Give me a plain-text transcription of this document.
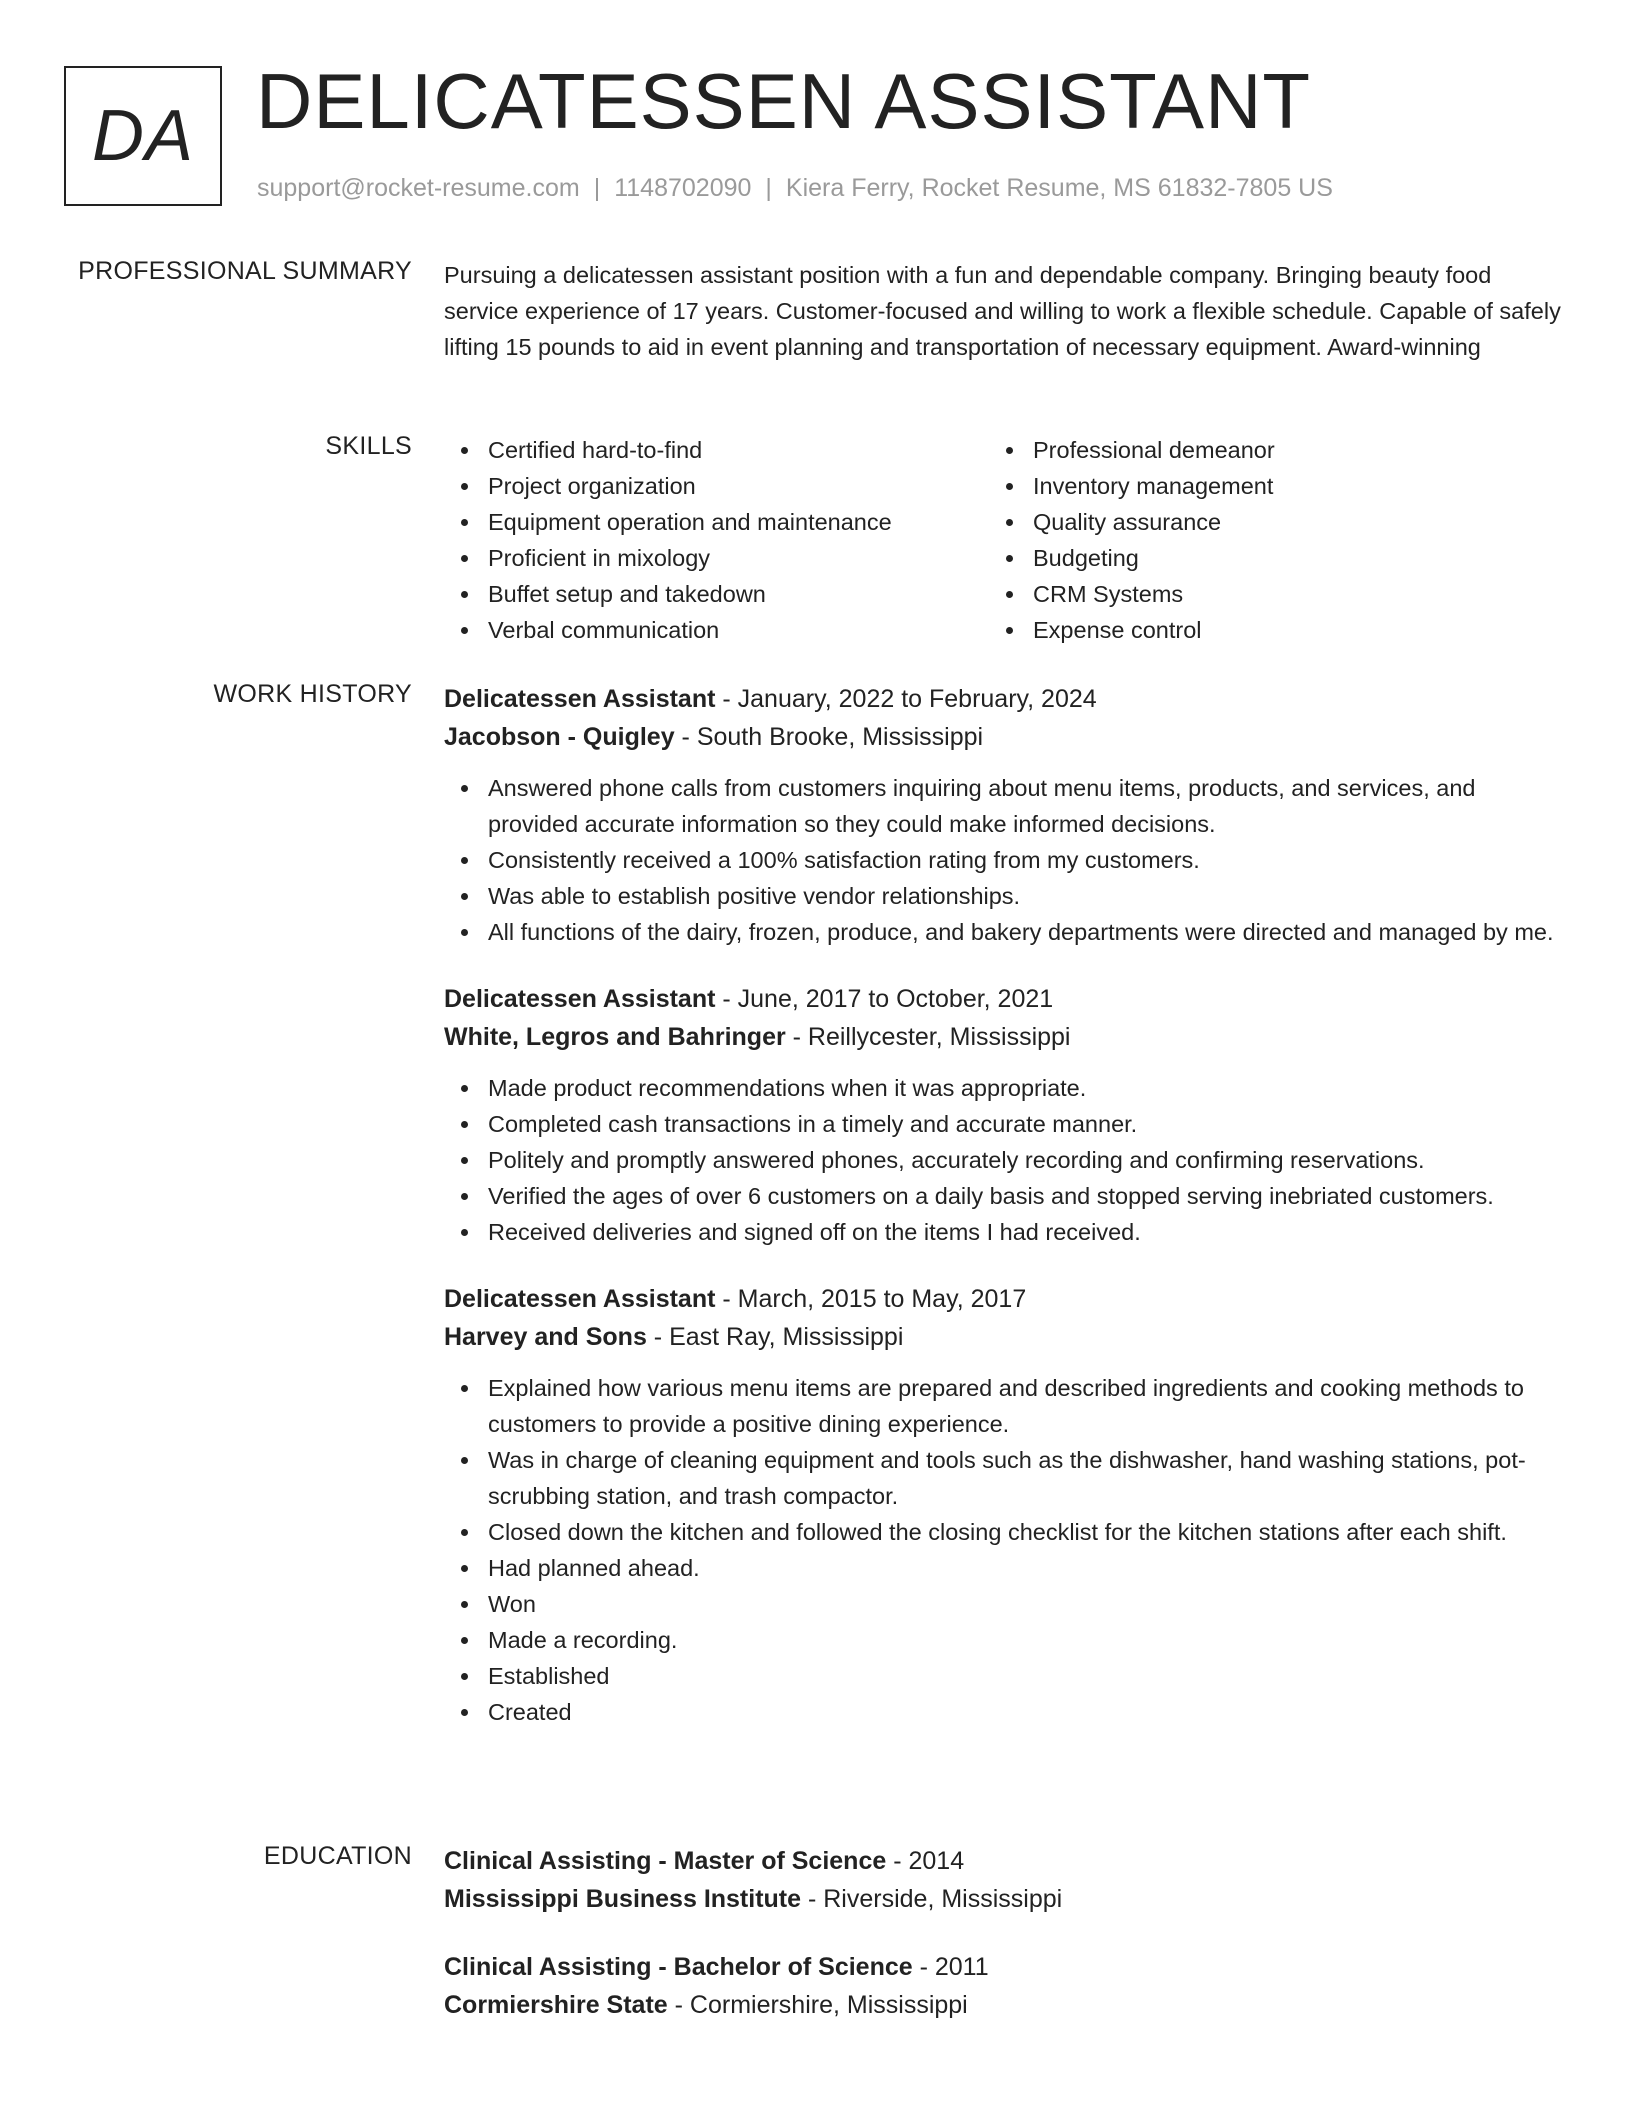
DA DELICATESSEN ASSISTANT
support@rocket-resume.com | 1148702090 | Kiera Ferry, Rocket Resume, MS 61832-7805 US
PROFESSIONAL SUMMARY Pursuing a delicatessen assistant position with a fun and dependable company. Bringing beauty food service experience of 17 years. Customer-focused and willing to work a flexible schedule. Capable of safely lifting 15 pounds to aid in event planning and transportation of necessary equipment. Award-winning

SKILLS	Certified hard-to-find
Project organization
Equipment operation and maintenance
Proficient in mixology
Buffet setup and takedown
Verbal communication
Professional demeanor
Inventory management
Quality assurance
Budgeting
CRM Systems
Expense control
WORK HISTORY Delicatessen Assistant - January, 2022 to February, 2024
Jacobson - Quigley - South Brooke, Mississippi
Answered phone calls from customers inquiring about menu items, products, and services, and provided accurate information so they could make informed decisions.
Consistently received a 100% satisfaction rating from my customers.
Was able to establish positive vendor relationships.
All functions of the dairy, frozen, produce, and bakery departments were directed and managed by me.
Delicatessen Assistant - June, 2017 to October, 2021
White, Legros and Bahringer - Reillycester, Mississippi
Made product recommendations when it was appropriate.
Completed cash transactions in a timely and accurate manner.
Politely and promptly answered phones, accurately recording and confirming reservations.
Verified the ages of over 6 customers on a daily basis and stopped serving inebriated customers.
Received deliveries and signed off on the items I had received.
Delicatessen Assistant - March, 2015 to May, 2017
Harvey and Sons - East Ray, Mississippi
Explained how various menu items are prepared and described ingredients and cooking methods to customers to provide a positive dining experience.
Was in charge of cleaning equipment and tools such as the dishwasher, hand washing stations, pot-scrubbing station, and trash compactor.
Closed down the kitchen and followed the closing checklist for the kitchen stations after each shift.
Had planned ahead.
Won
Made a recording.
Established
Created
EDUCATION Clinical Assisting - Master of Science - 2014
Mississippi Business Institute - Riverside, Mississippi
Clinical Assisting - Bachelor of Science - 2011
Cormiershire State - Cormiershire, Mississippi
